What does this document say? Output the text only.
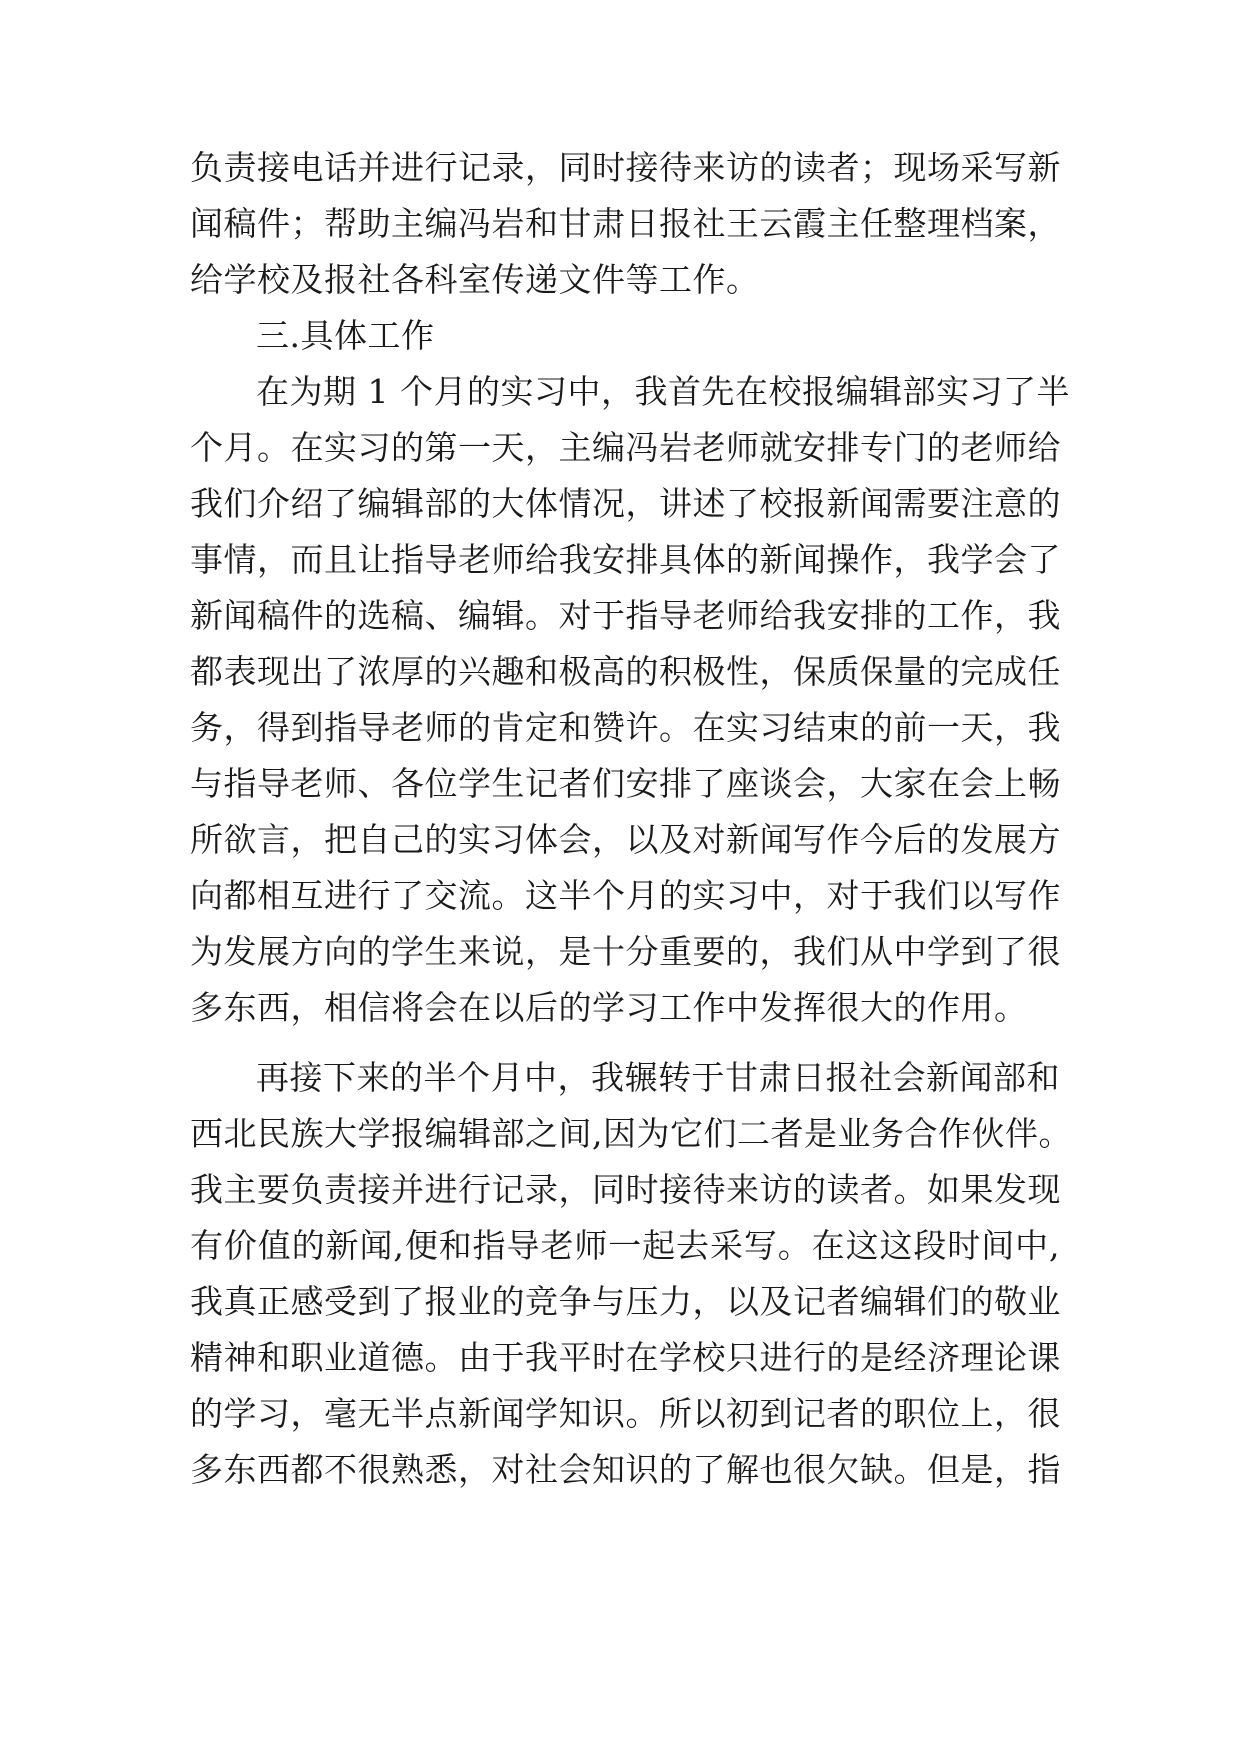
负责接电话并进行记录，同时接待来访的读者；现场采写新
闻稿件；帮助主编冯岩和甘肃日报社王云霞主任整理档案，
给学校及报社各科室传递文件等工作。
三.具体工作
在为期 1 个月的实习中，我首先在校报编辑部实习了半
个月。在实习的第一天，主编冯岩老师就安排专门的老师给
我们介绍了编辑部的大体情况，讲述了校报新闻需要注意的
事情，而且让指导老师给我安排具体的新闻操作，我学会了
新闻稿件的选稿、编辑。对于指导老师给我安排的工作，我
都表现出了浓厚的兴趣和极高的积极性，保质保量的完成任
务，得到指导老师的肯定和赞许。在实习结束的前一天，我
与指导老师、各位学生记者们安排了座谈会，大家在会上畅
所欲言，把自己的实习体会，以及对新闻写作今后的发展方
向都相互进行了交流。这半个月的实习中，对于我们以写作
为发展方向的学生来说，是十分重要的，我们从中学到了很
多东西，相信将会在以后的学习工作中发挥很大的作用。
再接下来的半个月中，我辗转于甘肃日报社会新闻部和
西北民族大学报编辑部之间,因为它们二者是业务合作伙伴。
我主要负责接并进行记录，同时接待来访的读者。如果发现
有价值的新闻,便和指导老师一起去采写。在这这段时间中,
我真正感受到了报业的竞争与压力，以及记者编辑们的敬业
精神和职业道德。由于我平时在学校只进行的是经济理论课
的学习，毫无半点新闻学知识。所以初到记者的职位上，很
多东西都不很熟悉，对社会知识的了解也很欠缺。但是，指
